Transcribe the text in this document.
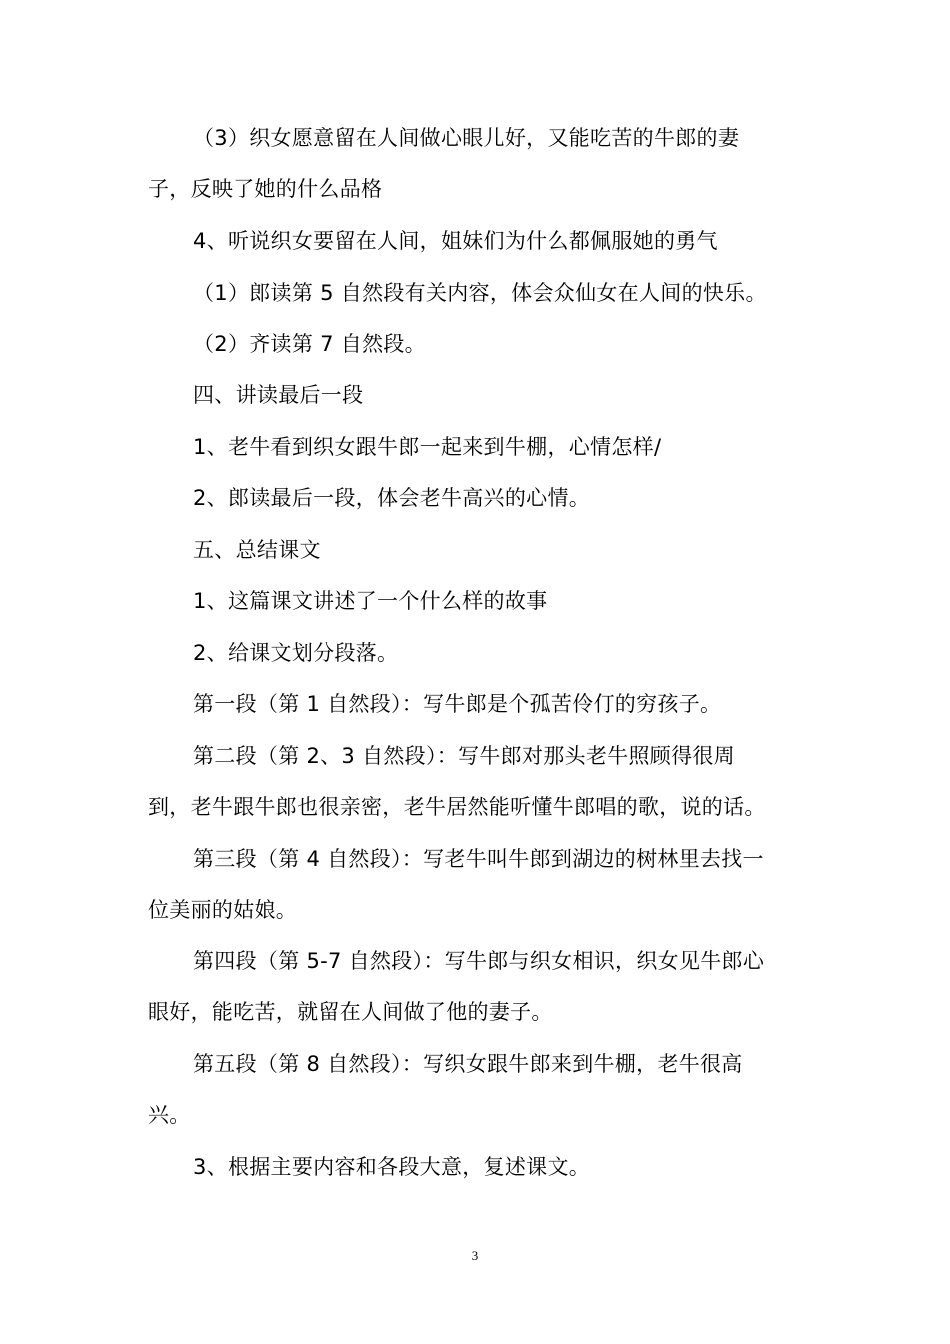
（3）织女愿意留在人间做心眼儿好，又能吃苦的牛郎的妻
子，反映了她的什么品格
4、听说织女要留在人间，姐妹们为什么都佩服她的勇气
（1）郎读第 5 自然段有关内容，体会众仙女在人间的快乐。
（2）齐读第 7 自然段。
四、讲读最后一段
1、老牛看到织女跟牛郎一起来到牛棚，心情怎样/
2、郎读最后一段，体会老牛高兴的心情。
五、总结课文
1、这篇课文讲述了一个什么样的故事
2、给课文划分段落。
第一段（第 1 自然段）：写牛郎是个孤苦伶仃的穷孩子。
第二段（第 2、3 自然段）：写牛郎对那头老牛照顾得很周
到，老牛跟牛郎也很亲密，老牛居然能听懂牛郎唱的歌，说的话。
第三段（第 4 自然段）：写老牛叫牛郎到湖边的树林里去找一
位美丽的姑娘。
第四段（第 5-7 自然段）：写牛郎与织女相识，织女见牛郎心
眼好，能吃苦，就留在人间做了他的妻子。
第五段（第 8 自然段）：写织女跟牛郎来到牛棚，老牛很高
兴。
3、根据主要内容和各段大意，复述课文。
3
